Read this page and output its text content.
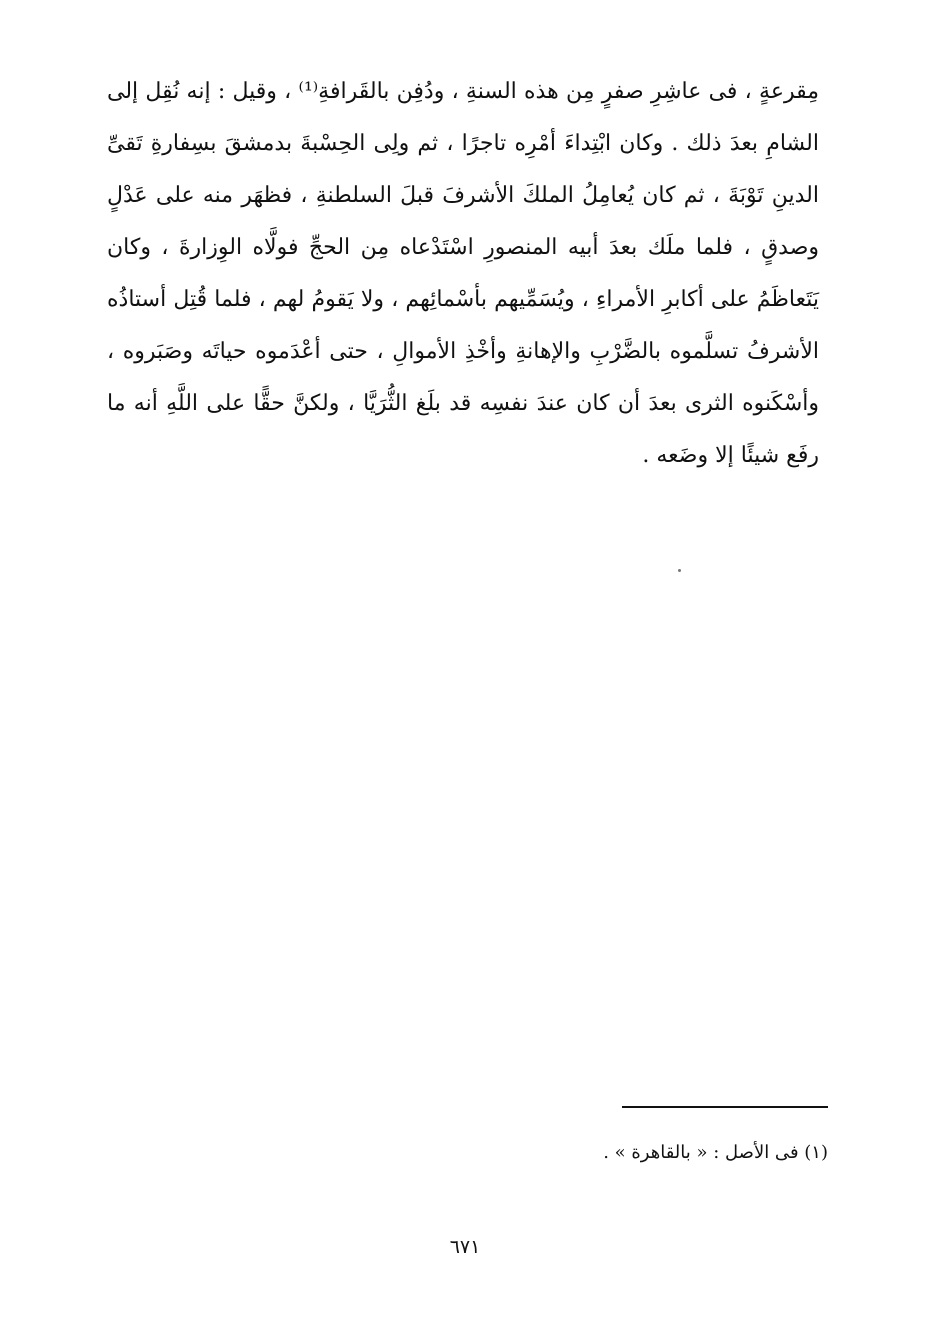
مِقرعةٍ ، فى عاشِرِ صفرٍ مِن هذه السنةِ ، ودُفِن بالقَرافةِ⁽¹⁾ ، وقيل : إنه نُقِل إلى
الشامِ بعدَ ذلك . وكان ابْتِداءَ أمْرِه تاجرًا ، ثم ولِى الحِسْبةَ بدمشقَ بسِفارةِ تَقىِّ
الدينِ تَوْبَةَ ، ثم كان يُعامِلُ الملكَ الأشرفَ قبلَ السلطنةِ ، فظهَر منه على عَدْلٍ
وصدقٍ ، فلما ملَك بعدَ أبيه المنصورِ اسْتَدْعاه مِن الحجِّ فولَّاه الوِزارةَ ، وكان
يَتَعاظَمُ على أكابرِ الأمراءِ ، ويُسَمِّيهم بأسْمائِهم ، ولا يَقومُ لهم ، فلما قُتِل أستاذُه
الأشرفُ تسلَّموه بالضَّرْبِ والإهانةِ وأخْذِ الأموالِ ، حتى أعْدَموه حياتَه وصَبَروه ،
وأسْكَنوه الثرى بعدَ أن كان عندَ نفسِه قد بلَغ الثُّرَيَّا ، ولكنَّ حقًّا على اللَّهِ أنه ما
رفَع شيئًا إلا وضَعه .
(١) فى الأصل : « بالقاهرة » .
٦٧١
